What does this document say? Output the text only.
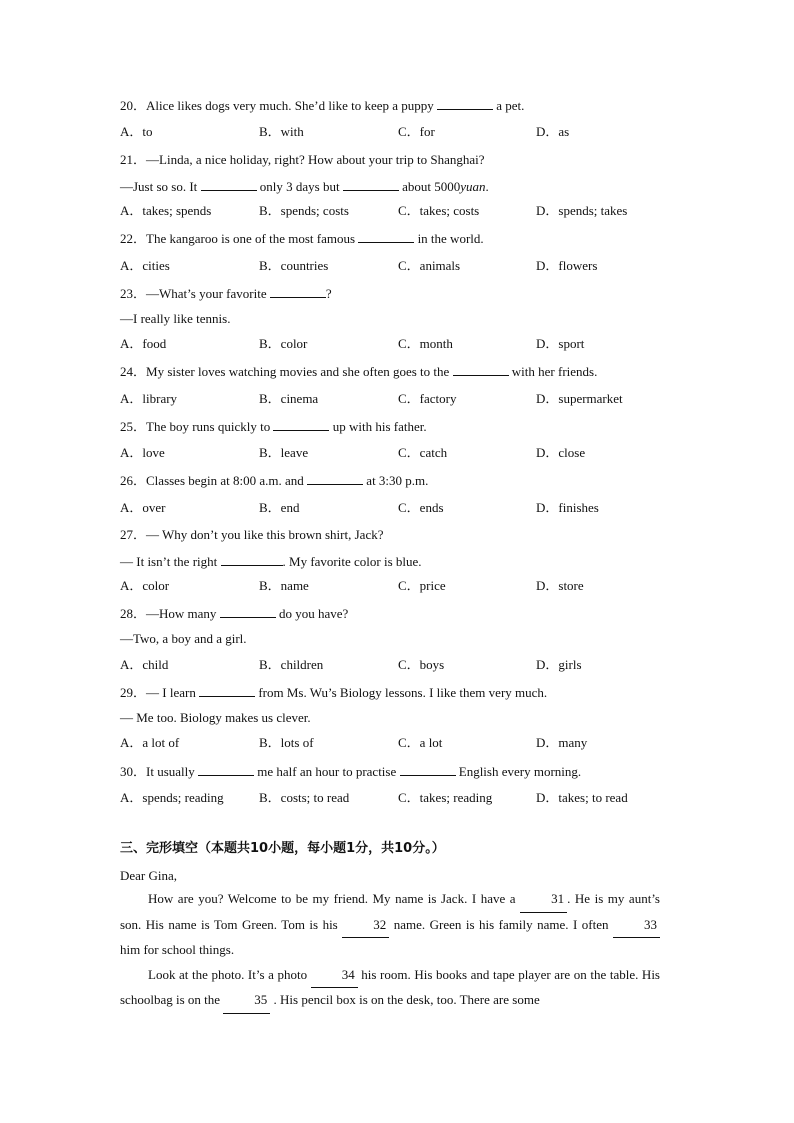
20．Alice likes dogs very much. She’d like to keep a puppy	a pet.
A．to	B．with	C．for	D．as
21．—Linda, a nice holiday, right? How about your trip to Shanghai?
—Just so so. It	only 3 days but	about 5000yuan.
A．takes; spends	B．spends; costs	C．takes; costs	D．spends; takes
22．The kangaroo is one of the most famous	in the world.
A．cities	B．countries	C．animals	D．flowers
23．—What’s your favorite	?
—I really like tennis.
A．food	B．color	C．month	D．sport
24．My sister loves watching movies and she often goes to the	with her friends.
A．library	B．cinema	C．factory	D．supermarket
25．The boy runs quickly to	up with his father.
A．love	B．leave	C．catch	D．close
26．Classes begin at 8:00 a.m. and	at 3:30 p.m.
A．over	B．end	C．ends	D．finishes
27．— Why don’t you like this brown shirt, Jack?
— It isn’t the right	. My favorite color is blue.
A．color	B．name	C．price	D．store
28．—How many	do you have?
—Two, a boy and a girl.
A．child	B．children	C．boys	D．girls
29．— I learn	from Ms. Wu’s Biology lessons. I like them very much.
— Me too. Biology makes us clever.
A．a lot of	B．lots of	C．a lot	D．many
30．It usually	me half an hour to practise	English every morning.
A．spends; reading	B．costs; to read	C．takes; reading	D．takes; to read
三、完形填空（本题共10小题，每小题1分，共10分。）
Dear Gina,

How are you? Welcome to be my friend. My name is Jack. I have a 31 . He is my aunt’s son. His name is Tom Green. Tom is his 32 name. Green is his family name. I often 33 him for school things.

Look at the photo. It’s a photo 34 his room. His books and tape player are on the table. His schoolbag is on the 35 . His pencil box is on the desk, too. There are some
